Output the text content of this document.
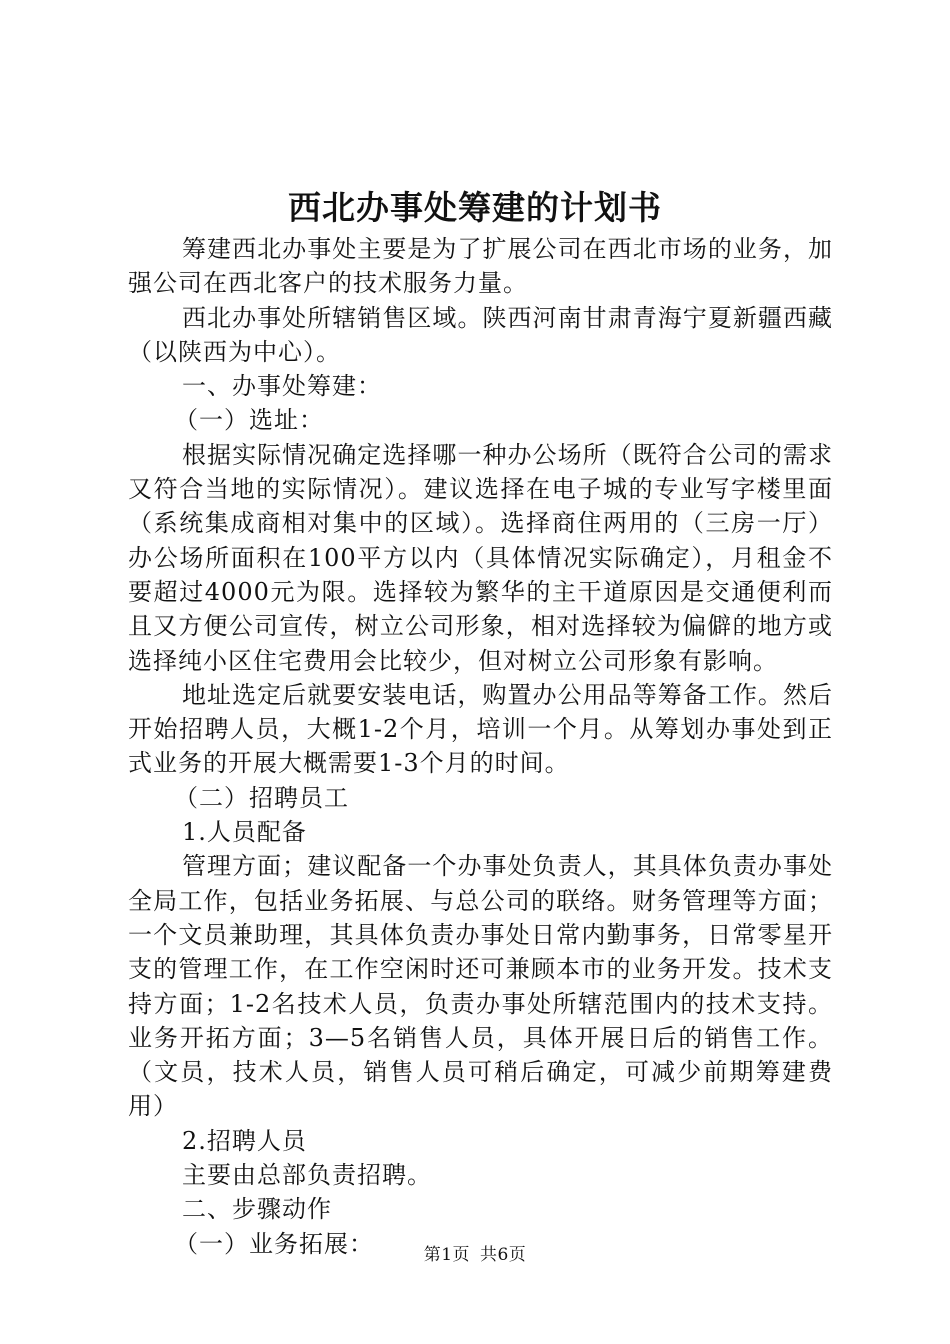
西北办事处筹建的计划书

筹建西北办事处主要是为了扩展公司在西北市场的业务，加强公司在西北客户的技术服务力量。

西北办事处所辖销售区域。陕西河南甘肃青海宁夏新疆西藏（以陕西为中心）。

一、办事处筹建：

（一）选址：

根据实际情况确定选择哪一种办公场所（既符合公司的需求又符合当地的实际情况）。建议选择在电子城的专业写字楼里面（系统集成商相对集中的区域）。选择商住两用的（三房一厅）办公场所面积在100平方以内（具体情况实际确定），月租金不要超过4000元为限。选择较为繁华的主干道原因是交通便利而且又方便公司宣传，树立公司形象，相对选择较为偏僻的地方或选择纯小区住宅费用会比较少，但对树立公司形象有影响。

地址选定后就要安装电话，购置办公用品等筹备工作。然后开始招聘人员，大概1-2个月，培训一个月。从筹划办事处到正式业务的开展大概需要1-3个月的时间。

（二）招聘员工

1.人员配备

管理方面；建议配备一个办事处负责人，其具体负责办事处全局工作，包括业务拓展、与总公司的联络。财务管理等方面；一个文员兼助理，其具体负责办事处日常内勤事务，日常零星开支的管理工作，在工作空闲时还可兼顾本市的业务开发。技术支持方面；1-2名技术人员，负责办事处所辖范围内的技术支持。业务开拓方面；3—5名销售人员，具体开展日后的销售工作。（文员，技术人员，销售人员可稍后确定，可减少前期筹建费用）

2.招聘人员

主要由总部负责招聘。

二、步骤动作

（一）业务拓展：	第1页 共6页
